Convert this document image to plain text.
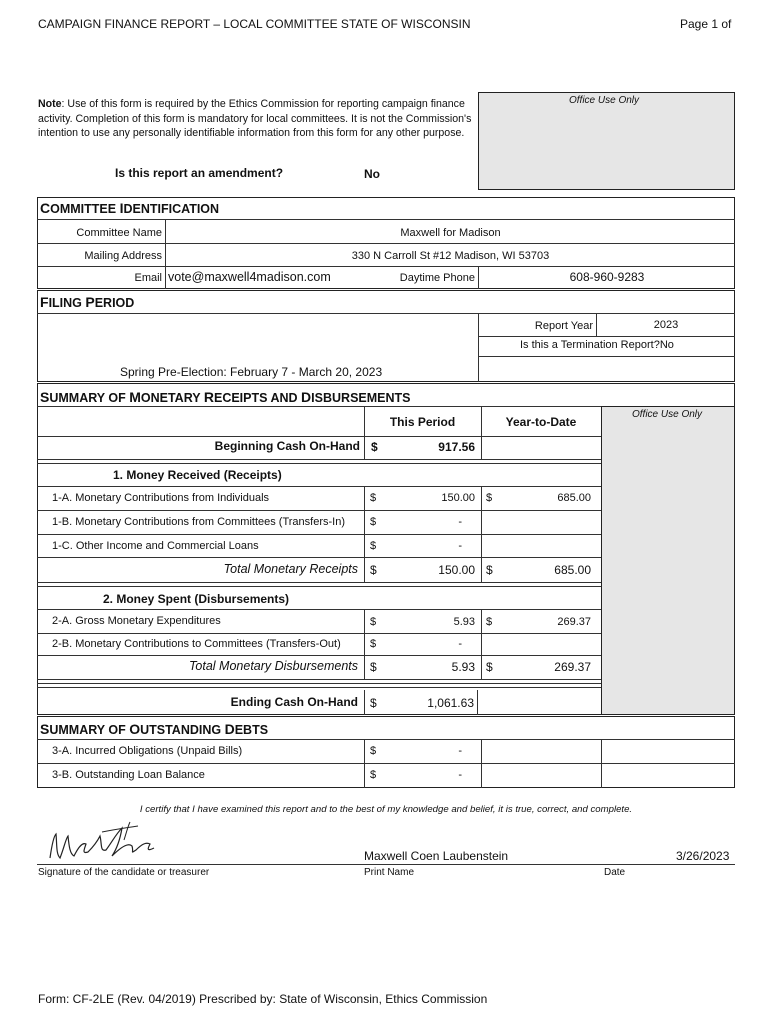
CAMPAIGN FINANCE REPORT – LOCAL COMMITTEE STATE OF WISCONSIN	Page 1 of
Note: Use of this form is required by the Ethics Commission for reporting campaign finance activity. Completion of this form is mandatory for local committees. It is not the Commission's intention to use any personally identifiable information from this form for any other purpose.
Office Use Only
Is this report an amendment?	No
COMMITTEE IDENTIFICATION
Committee Name	Maxwell for Madison
Mailing Address	330 N Carroll St #12 Madison, WI 53703
Email vote@maxwell4madison.com	Daytime Phone	608-960-9283
FILING PERIOD
Report Year	2023
Is this a Termination Report?No
Spring Pre-Election: February 7 - March 20, 2023
SUMMARY OF MONETARY RECEIPTS AND DISBURSEMENTS
Office Use Only
This Period	Year-to-Date
Beginning Cash On-Hand $	917.56
1. Money Received (Receipts)
1-A. Monetary Contributions from Individuals	$	150.00 $	685.00
1-B. Monetary Contributions from Committees (Transfers-In) $	-
1-C. Other Income and Commercial Loans	$	-
Total Monetary Receipts $	150.00 $	685.00
2. Money Spent (Disbursements)
2-A. Gross Monetary Expenditures	$	5.93 $	269.37
2-B. Monetary Contributions to Committees (Transfers-Out)	$	-
Total Monetary Disbursements $	5.93 $	269.37
Ending Cash On-Hand $	1,061.63
SUMMARY OF OUTSTANDING DEBTS
3-A. Incurred Obligations (Unpaid Bills)	$	-
3-B. Outstanding Loan Balance	$	-
I certify that I have examined this report and to the best of my knowledge and belief, it is true, correct, and complete.
Signature of the candidate or treasurer
Maxwell Coen Laubenstein
Print Name
3/26/2023
Date
Form: CF-2LE (Rev. 04/2019) Prescribed by: State of Wisconsin, Ethics Commission
